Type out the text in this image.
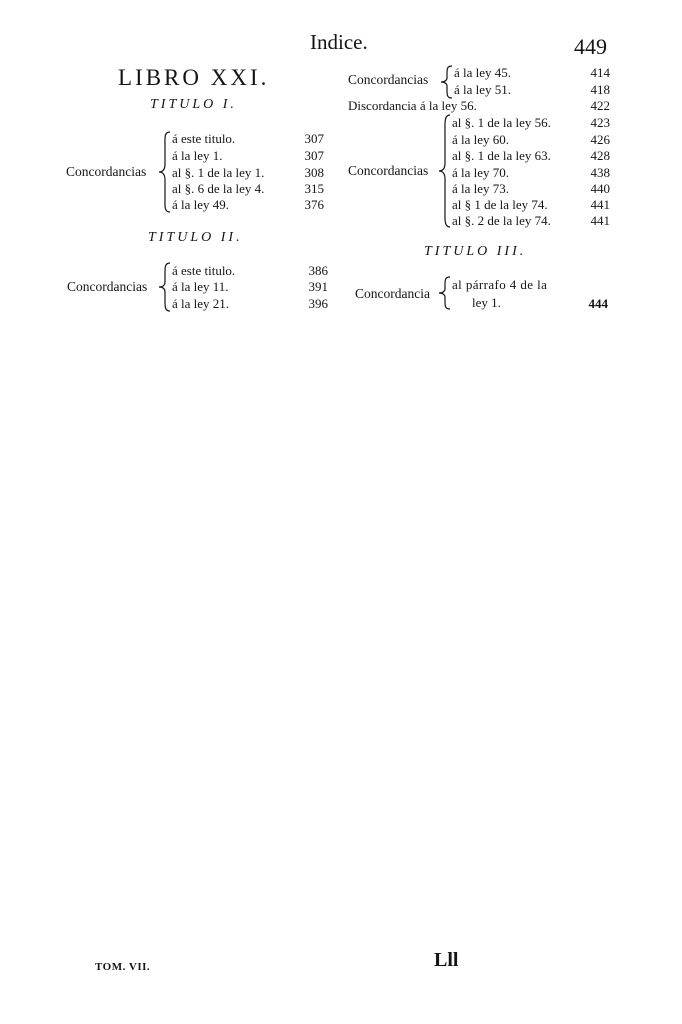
Indice.	449
LIBRO XXI.
TITULO I.
Concordancias
á este titulo.	307
á la ley 1.	307
al §. 1 de la ley 1.	308
al §. 6 de la ley 4.	315
á la ley 49.	376
TITULO II.
Concordancias
á este titulo.	386
á la ley 11.	391
á la ley 21.	396
Concordancias á la ley 45.	414
á la ley 51.	418
Discordancia á la ley 56.	422
Concordancias
al §. 1 de la ley 56.	423
á la ley 60.	426
al §. 1 de la ley 63.	428
á la ley 70.	438
á la ley 73.	440
al § 1 de la ley 74.	441
al §. 2 de la ley 74.	441
TITULO III.
Concordancia
al párrafo 4 de la
ley 1.	444
TOM. VII.	Lll
